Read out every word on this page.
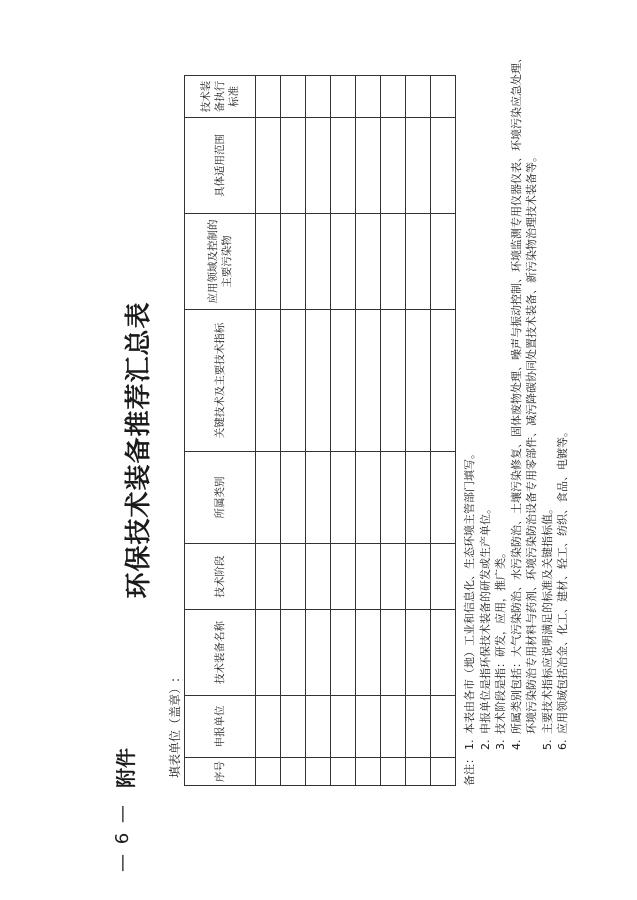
— 6 —
附件
环保技术装备推荐汇总表
填表单位（盖章）:	序号	申报单位	技术装备名称	技术阶段	所属类别	关键技术及主要技术指标	应用领域及控制的主要污染物	具体适用范围	技术装备执行标准

备注：
1.
本表由各市（地）工业和信息化、生态环境主管部门填写。
2.
申报单位是指环保技术装备的研发或生产单位。
3.
技术阶段是指：研发，应用，推广类。
4.
所属类别包括：大气污染防治、水污染防治、土壤污染修复、固体废物处理、噪声与振动控制、环境监测专用仪器仪表、环境污染应急处理、环境污染防治专用材料与药剂、环境污染防治设备专用零部件、减污降碳协同处置技术装备、新污染物治理技术装备等。
5.
主要技术指标应说明满足的标准及关键指标值。
6.
应用领域包括冶金、化工、建材、轻工、纺织、食品、电镀等。
